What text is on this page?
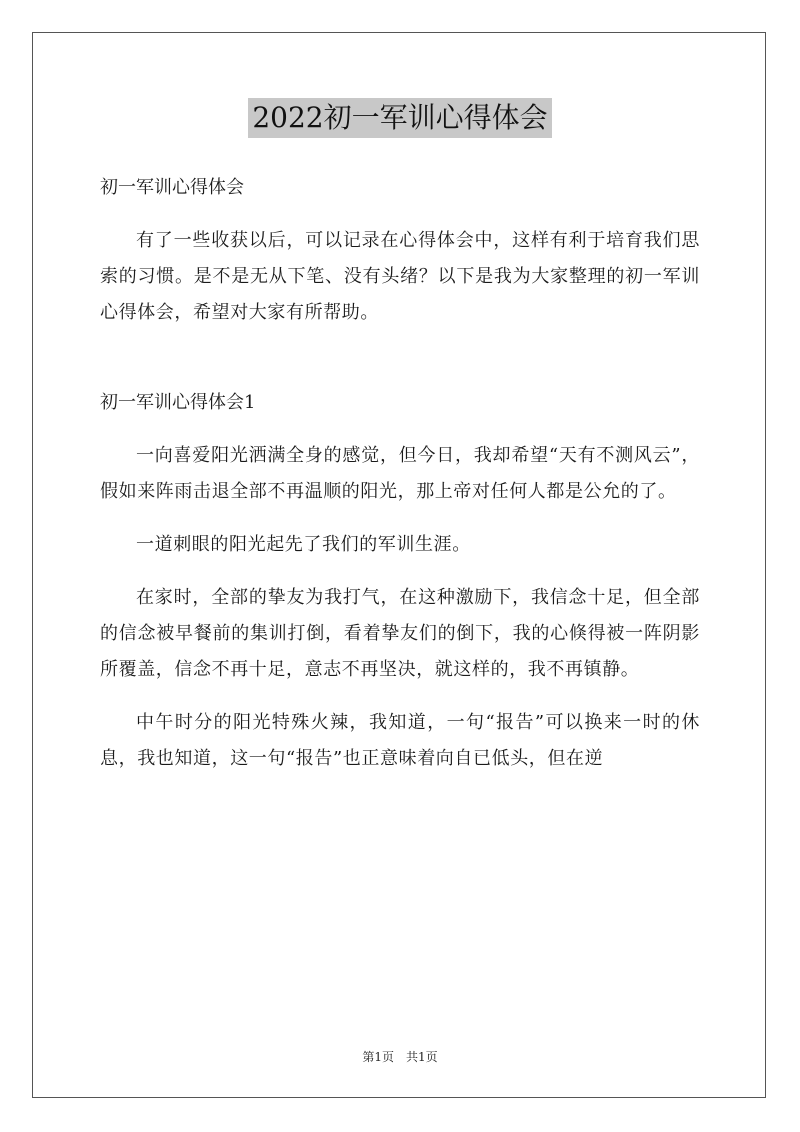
2022初一军训心得体会

初一军训心得体会

有了一些收获以后，可以记录在心得体会中，这样有利于培育我们思索的习惯。是不是无从下笔、没有头绪？以下是我为大家整理的初一军训心得体会，希望对大家有所帮助。

初一军训心得体会1

一向喜爱阳光洒满全身的感觉，但今日，我却希望“天有不测风云”，假如来阵雨击退全部不再温顺的阳光，那上帝对任何人都是公允的了。

一道刺眼的阳光起先了我们的军训生涯。

在家时，全部的挚友为我打气，在这种激励下，我信念十足，但全部的信念被早餐前的集训打倒，看着挚友们的倒下，我的心倏得被一阵阴影所覆盖，信念不再十足，意志不再坚决，就这样的，我不再镇静。

中午时分的阳光特殊火辣，我知道，一句“报告”可以换来一时的休息，我也知道，这一句“报告”也正意味着向自已低头，但在逆

第1页　共1页
